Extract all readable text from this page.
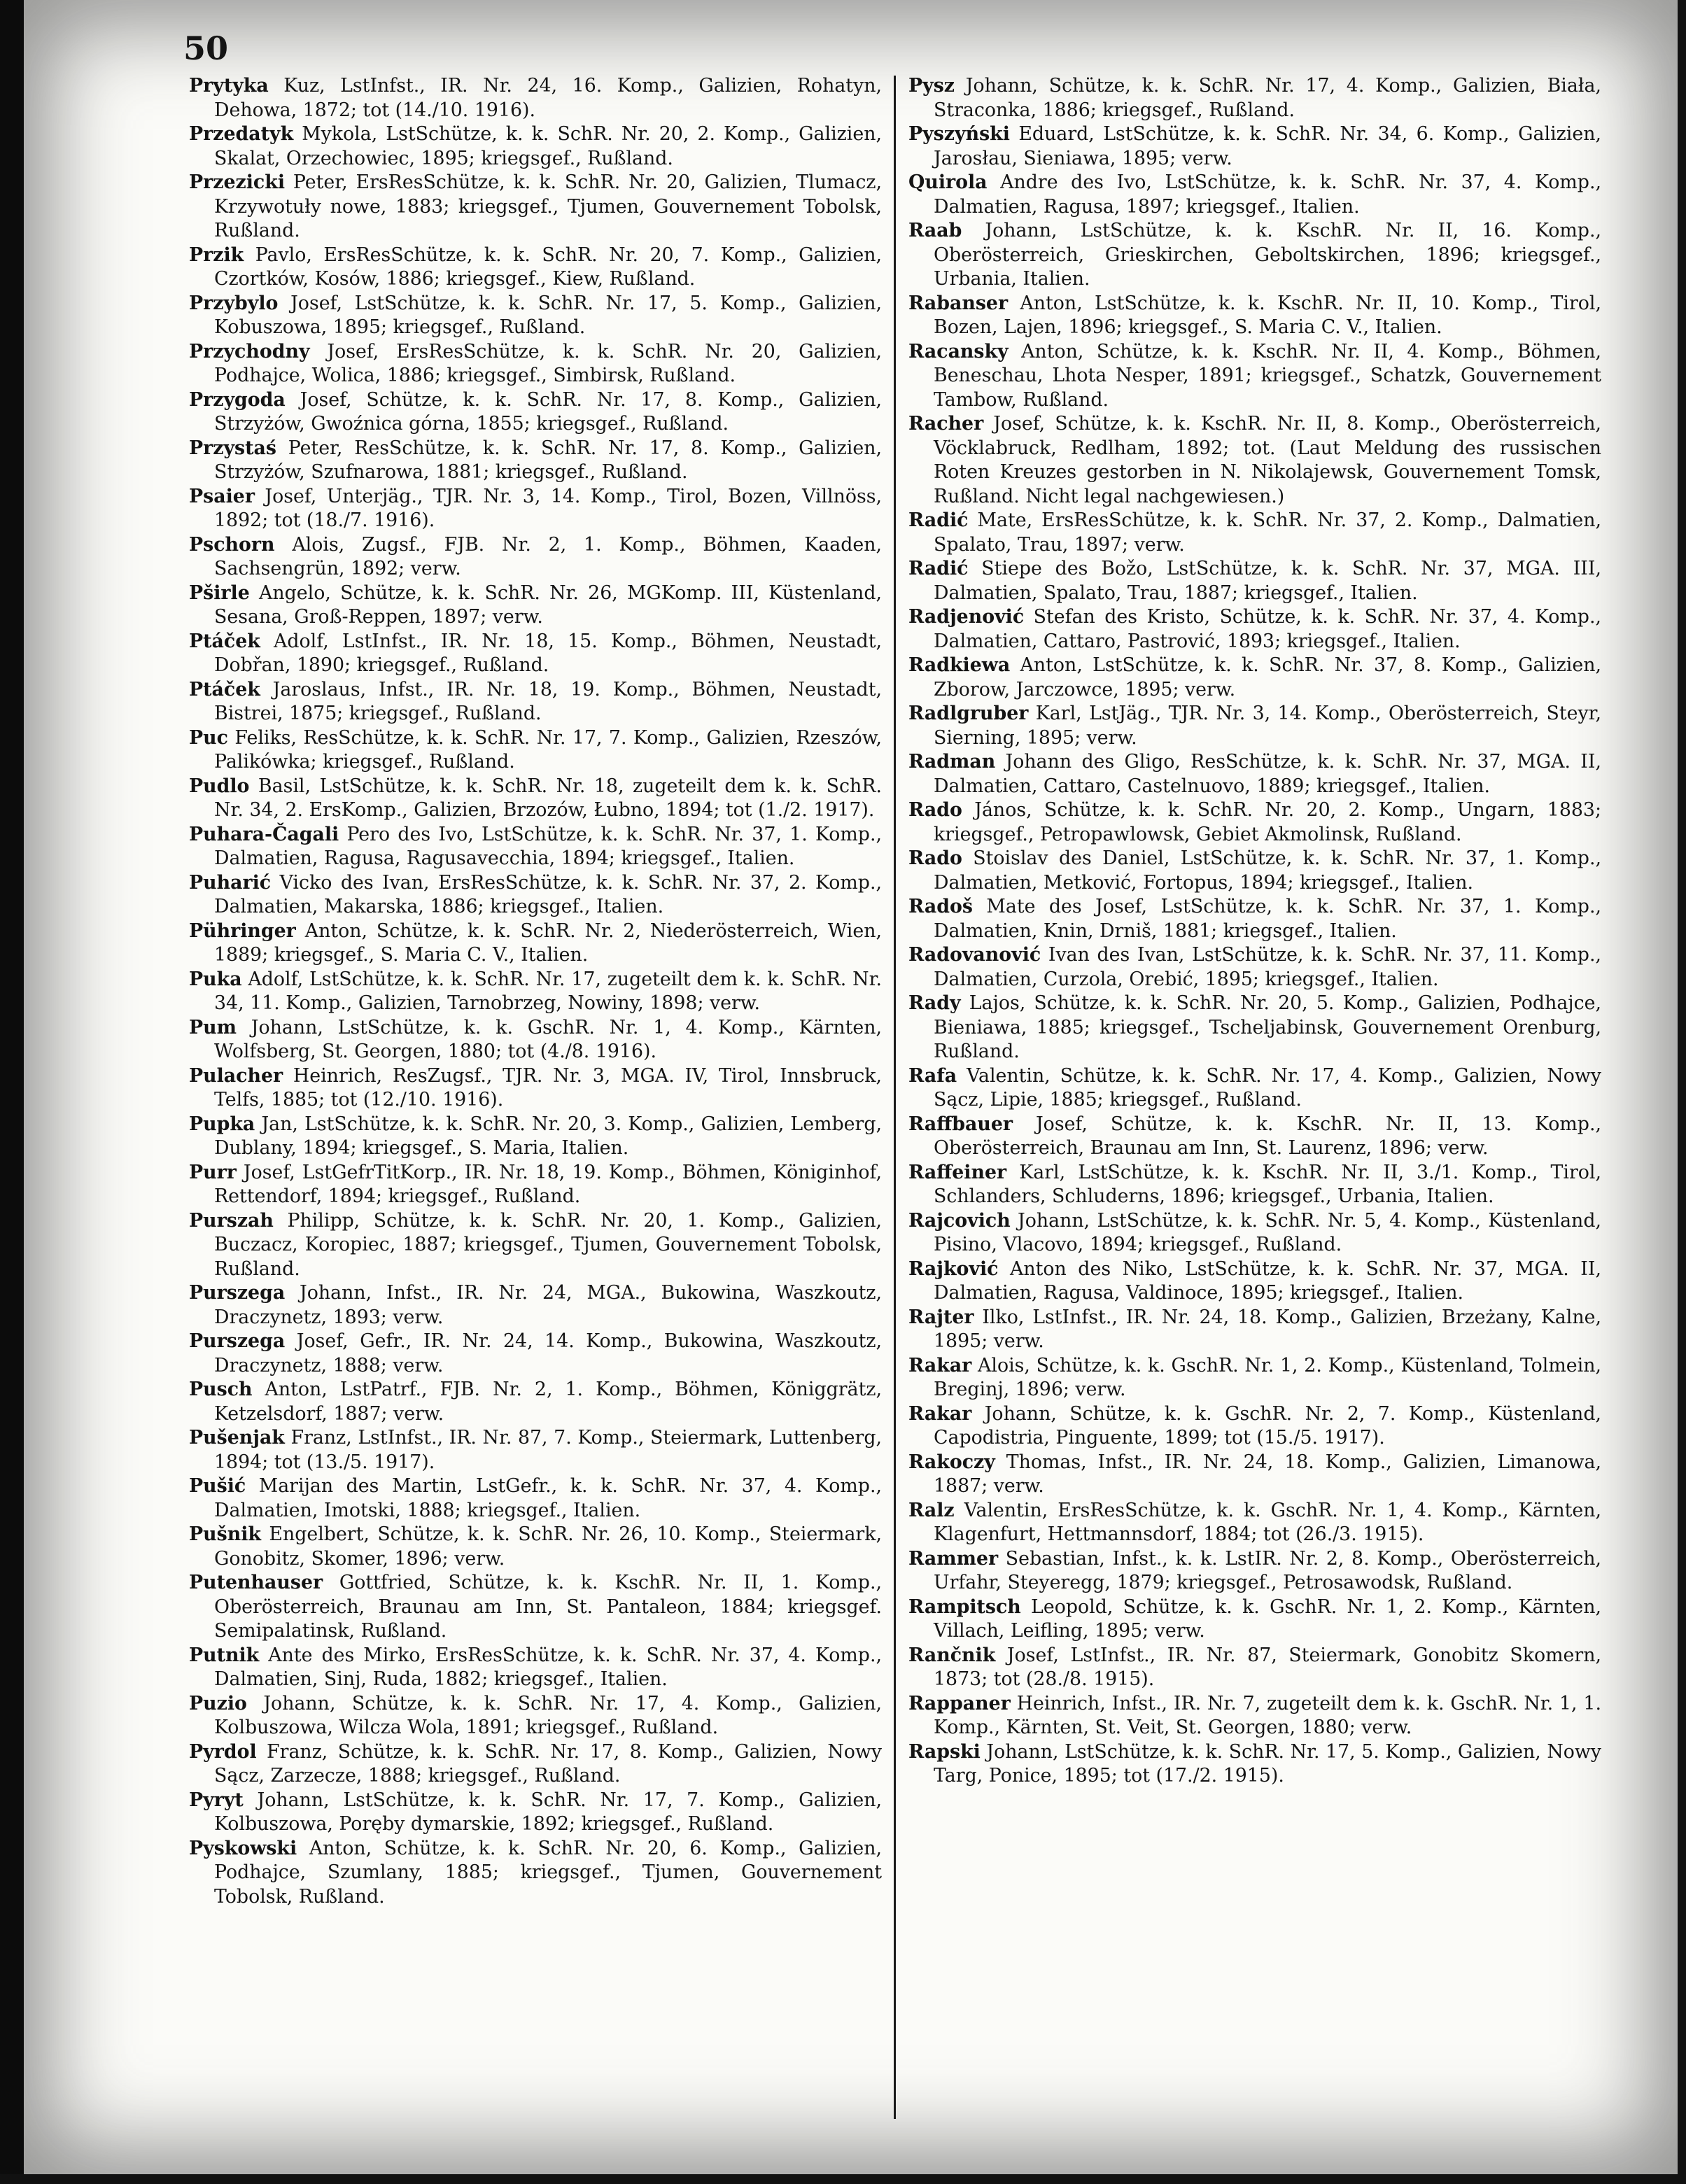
50

Prytyka Kuz, LstInfst., IR. Nr. 24, 16. Komp., Galizien, Rohatyn, Dehowa, 1872; tot (14./10. 1916).

Przedatyk Mykola, LstSchütze, k. k. SchR. Nr. 20, 2. Komp., Galizien, Skalat, Orzechowiec, 1895; kriegsgef., Rußland.

Przezicki Peter, ErsResSchütze, k. k. SchR. Nr. 20, Galizien, Tlumacz, Krzywotuły nowe, 1883; kriegsgef., Tjumen, Gouvernement Tobolsk, Rußland.

Przik Pavlo, ErsResSchütze, k. k. SchR. Nr. 20, 7. Komp., Galizien, Czortków, Kosów, 1886; kriegsgef., Kiew, Rußland.

Przybylo Josef, LstSchütze, k. k. SchR. Nr. 17, 5. Komp., Galizien, Kobuszowa, 1895; kriegsgef., Rußland.

Przychodny Josef, ErsResSchütze, k. k. SchR. Nr. 20, Galizien, Podhajce, Wolica, 1886; kriegsgef., Simbirsk, Rußland.

Przygoda Josef, Schütze, k. k. SchR. Nr. 17, 8. Komp., Galizien, Strzyżów, Gwoźnica górna, 1855; kriegsgef., Rußland.

Przystaś Peter, ResSchütze, k. k. SchR. Nr. 17, 8. Komp., Galizien, Strzyżów, Szufnarowa, 1881; kriegsgef., Rußland.

Psaier Josef, Unterjäg., TJR. Nr. 3, 14. Komp., Tirol, Bozen, Villnöss, 1892; tot (18./7. 1916).

Pschorn Alois, Zugsf., FJB. Nr. 2, 1. Komp., Böhmen, Kaaden, Sachsengrün, 1892; verw.

Pširle Angelo, Schütze, k. k. SchR. Nr. 26, MGKomp. III, Küstenland, Sesana, Groß-Reppen, 1897; verw.

Ptáček Adolf, LstInfst., IR. Nr. 18, 15. Komp., Böhmen, Neustadt, Dobřan, 1890; kriegsgef., Rußland.

Ptáček Jaroslaus, Infst., IR. Nr. 18, 19. Komp., Böhmen, Neustadt, Bistrei, 1875; kriegsgef., Rußland.

Puc Feliks, ResSchütze, k. k. SchR. Nr. 17, 7. Komp., Galizien, Rzeszów, Palikówka; kriegsgef., Rußland.

Pudlo Basil, LstSchütze, k. k. SchR. Nr. 18, zugeteilt dem k. k. SchR. Nr. 34, 2. ErsKomp., Galizien, Brzozów, Łubno, 1894; tot (1./2. 1917).

Puhara-Čagali Pero des Ivo, LstSchütze, k. k. SchR. Nr. 37, 1. Komp., Dalmatien, Ragusa, Ragusavecchia, 1894; kriegsgef., Italien.

Puharić Vicko des Ivan, ErsResSchütze, k. k. SchR. Nr. 37, 2. Komp., Dalmatien, Makarska, 1886; kriegsgef., Italien.

Pühringer Anton, Schütze, k. k. SchR. Nr. 2, Niederösterreich, Wien, 1889; kriegsgef., S. Maria C. V., Italien.

Puka Adolf, LstSchütze, k. k. SchR. Nr. 17, zugeteilt dem k. k. SchR. Nr. 34, 11. Komp., Galizien, Tarnobrzeg, Nowiny, 1898; verw.

Pum Johann, LstSchütze, k. k. GschR. Nr. 1, 4. Komp., Kärnten, Wolfsberg, St. Georgen, 1880; tot (4./8. 1916).

Pulacher Heinrich, ResZugsf., TJR. Nr. 3, MGA. IV, Tirol, Innsbruck, Telfs, 1885; tot (12./10. 1916).

Pupka Jan, LstSchütze, k. k. SchR. Nr. 20, 3. Komp., Galizien, Lemberg, Dublany, 1894; kriegsgef., S. Maria, Italien.

Purr Josef, LstGefrTitKorp., IR. Nr. 18, 19. Komp., Böhmen, Königinhof, Rettendorf, 1894; kriegsgef., Rußland.

Purszah Philipp, Schütze, k. k. SchR. Nr. 20, 1. Komp., Galizien, Buczacz, Koropiec, 1887; kriegsgef., Tjumen, Gouvernement Tobolsk, Rußland.

Purszega Johann, Infst., IR. Nr. 24, MGA., Bukowina, Waszkoutz, Draczynetz, 1893; verw.

Purszega Josef, Gefr., IR. Nr. 24, 14. Komp., Bukowina, Waszkoutz, Draczynetz, 1888; verw.

Pusch Anton, LstPatrf., FJB. Nr. 2, 1. Komp., Böhmen, Königgrätz, Ketzelsdorf, 1887; verw.

Pušenjak Franz, LstInfst., IR. Nr. 87, 7. Komp., Steiermark, Luttenberg, 1894; tot (13./5. 1917).

Pušić Marijan des Martin, LstGefr., k. k. SchR. Nr. 37, 4. Komp., Dalmatien, Imotski, 1888; kriegsgef., Italien.

Pušnik Engelbert, Schütze, k. k. SchR. Nr. 26, 10. Komp., Steiermark, Gonobitz, Skomer, 1896; verw.

Putenhauser Gottfried, Schütze, k. k. KschR. Nr. II, 1. Komp., Oberösterreich, Braunau am Inn, St. Pantaleon, 1884; kriegsgef. Semipalatinsk, Rußland.

Putnik Ante des Mirko, ErsResSchütze, k. k. SchR. Nr. 37, 4. Komp., Dalmatien, Sinj, Ruda, 1882; kriegsgef., Italien.

Puzio Johann, Schütze, k. k. SchR. Nr. 17, 4. Komp., Galizien, Kolbuszowa, Wilcza Wola, 1891; kriegsgef., Rußland.

Pyrdol Franz, Schütze, k. k. SchR. Nr. 17, 8. Komp., Galizien, Nowy Sącz, Zarzecze, 1888; kriegsgef., Rußland.

Pyryt Johann, LstSchütze, k. k. SchR. Nr. 17, 7. Komp., Galizien, Kolbuszowa, Poręby dymarskie, 1892; kriegsgef., Rußland.

Pyskowski Anton, Schütze, k. k. SchR. Nr. 20, 6. Komp., Galizien, Podhajce, Szumlany, 1885; kriegsgef., Tjumen, Gouvernement Tobolsk, Rußland.

Pysz Johann, Schütze, k. k. SchR. Nr. 17, 4. Komp., Galizien, Biała, Straconka, 1886; kriegsgef., Rußland.

Pyszyński Eduard, LstSchütze, k. k. SchR. Nr. 34, 6. Komp., Galizien, Jarosłau, Sieniawa, 1895; verw.

Quirola Andre des Ivo, LstSchütze, k. k. SchR. Nr. 37, 4. Komp., Dalmatien, Ragusa, 1897; kriegsgef., Italien.

Raab Johann, LstSchütze, k. k. KschR. Nr. II, 16. Komp., Oberösterreich, Grieskirchen, Geboltskirchen, 1896; kriegsgef., Urbania, Italien.

Rabanser Anton, LstSchütze, k. k. KschR. Nr. II, 10. Komp., Tirol, Bozen, Lajen, 1896; kriegsgef., S. Maria C. V., Italien.

Racansky Anton, Schütze, k. k. KschR. Nr. II, 4. Komp., Böhmen, Beneschau, Lhota Nesper, 1891; kriegsgef., Schatzk, Gouvernement Tambow, Rußland.

Racher Josef, Schütze, k. k. KschR. Nr. II, 8. Komp., Oberösterreich, Vöcklabruck, Redlham, 1892; tot. (Laut Meldung des russischen Roten Kreuzes gestorben in N. Nikolajewsk, Gouvernement Tomsk, Rußland. Nicht legal nachgewiesen.)

Radić Mate, ErsResSchütze, k. k. SchR. Nr. 37, 2. Komp., Dalmatien, Spalato, Trau, 1897; verw.

Radić Stiepe des Božo, LstSchütze, k. k. SchR. Nr. 37, MGA. III, Dalmatien, Spalato, Trau, 1887; kriegsgef., Italien.

Radjenović Stefan des Kristo, Schütze, k. k. SchR. Nr. 37, 4. Komp., Dalmatien, Cattaro, Pastrović, 1893; kriegsgef., Italien.

Radkiewa Anton, LstSchütze, k. k. SchR. Nr. 37, 8. Komp., Galizien, Zborow, Jarczowce, 1895; verw.

Radlgruber Karl, LstJäg., TJR. Nr. 3, 14. Komp., Oberösterreich, Steyr, Sierning, 1895; verw.

Radman Johann des Gligo, ResSchütze, k. k. SchR. Nr. 37, MGA. II, Dalmatien, Cattaro, Castelnuovo, 1889; kriegsgef., Italien.

Rado János, Schütze, k. k. SchR. Nr. 20, 2. Komp., Ungarn, 1883; kriegsgef., Petropawlowsk, Gebiet Akmolinsk, Rußland.

Rado Stoislav des Daniel, LstSchütze, k. k. SchR. Nr. 37, 1. Komp., Dalmatien, Metković, Fortopus, 1894; kriegsgef., Italien.

Radoš Mate des Josef, LstSchütze, k. k. SchR. Nr. 37, 1. Komp., Dalmatien, Knin, Drniš, 1881; kriegsgef., Italien.

Radovanović Ivan des Ivan, LstSchütze, k. k. SchR. Nr. 37, 11. Komp., Dalmatien, Curzola, Orebić, 1895; kriegsgef., Italien.

Rady Lajos, Schütze, k. k. SchR. Nr. 20, 5. Komp., Galizien, Podhajce, Bieniawa, 1885; kriegsgef., Tscheljabinsk, Gouvernement Orenburg, Rußland.

Rafa Valentin, Schütze, k. k. SchR. Nr. 17, 4. Komp., Galizien, Nowy Sącz, Lipie, 1885; kriegsgef., Rußland.

Raffbauer Josef, Schütze, k. k. KschR. Nr. II, 13. Komp., Oberösterreich, Braunau am Inn, St. Laurenz, 1896; verw.

Raffeiner Karl, LstSchütze, k. k. KschR. Nr. II, 3./1. Komp., Tirol, Schlanders, Schluderns, 1896; kriegsgef., Urbania, Italien.

Rajcovich Johann, LstSchütze, k. k. SchR. Nr. 5, 4. Komp., Küstenland, Pisino, Vlacovo, 1894; kriegsgef., Rußland.

Rajković Anton des Niko, LstSchütze, k. k. SchR. Nr. 37, MGA. II, Dalmatien, Ragusa, Valdinoce, 1895; kriegsgef., Italien.

Rajter Ilko, LstInfst., IR. Nr. 24, 18. Komp., Galizien, Brzeżany, Kalne, 1895; verw.

Rakar Alois, Schütze, k. k. GschR. Nr. 1, 2. Komp., Küstenland, Tolmein, Breginj, 1896; verw.

Rakar Johann, Schütze, k. k. GschR. Nr. 2, 7. Komp., Küstenland, Capodistria, Pinguente, 1899; tot (15./5. 1917).

Rakoczy Thomas, Infst., IR. Nr. 24, 18. Komp., Galizien, Limanowa, 1887; verw.

Ralz Valentin, ErsResSchütze, k. k. GschR. Nr. 1, 4. Komp., Kärnten, Klagenfurt, Hettmannsdorf, 1884; tot (26./3. 1915).

Rammer Sebastian, Infst., k. k. LstIR. Nr. 2, 8. Komp., Oberösterreich, Urfahr, Steyeregg, 1879; kriegsgef., Petrosawodsk, Rußland.

Rampitsch Leopold, Schütze, k. k. GschR. Nr. 1, 2. Komp., Kärnten, Villach, Leifling, 1895; verw.

Rančnik Josef, LstInfst., IR. Nr. 87, Steiermark, Gonobitz Skomern, 1873; tot (28./8. 1915).

Rappaner Heinrich, Infst., IR. Nr. 7, zugeteilt dem k. k. GschR. Nr. 1, 1. Komp., Kärnten, St. Veit, St. Georgen, 1880; verw.

Rapski Johann, LstSchütze, k. k. SchR. Nr. 17, 5. Komp., Galizien, Nowy Targ, Ponice, 1895; tot (17./2. 1915).
